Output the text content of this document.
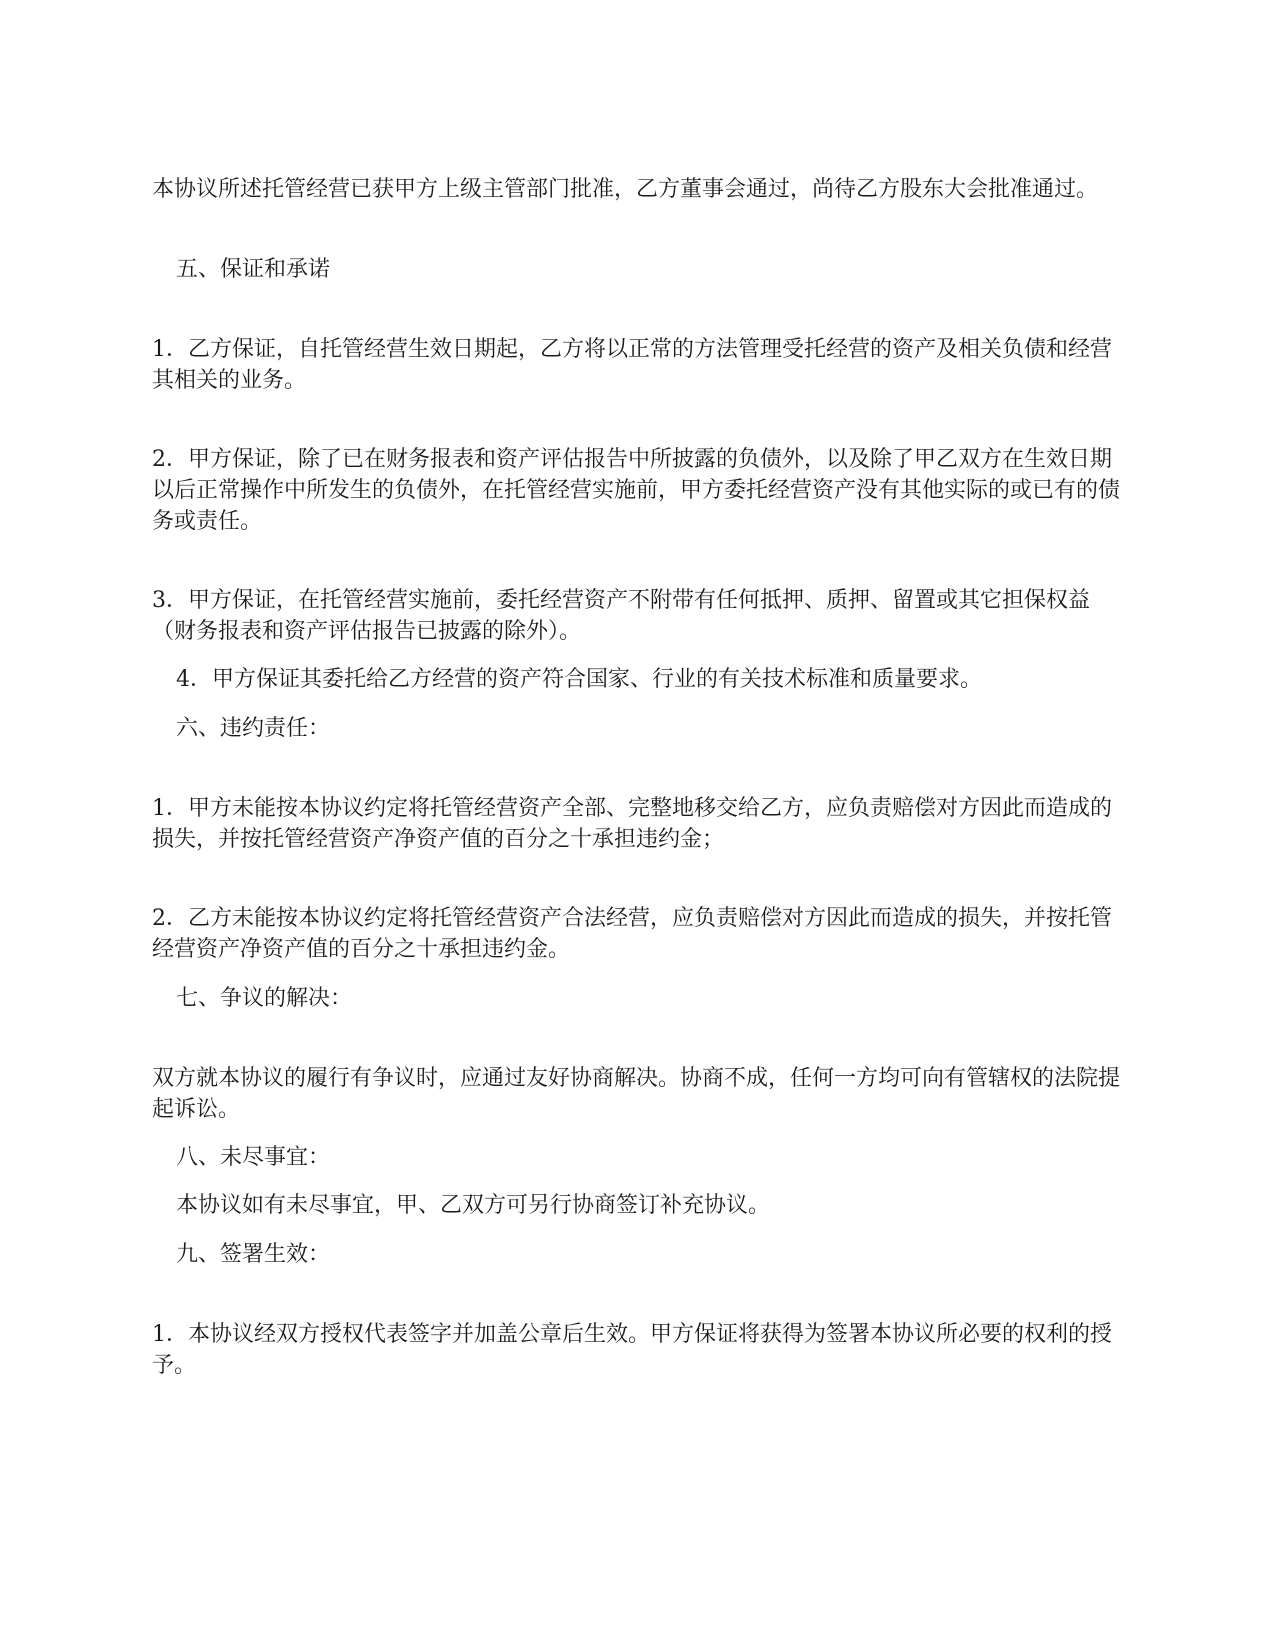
本协议所述托管经营已获甲方上级主管部门批准，乙方董事会通过，尚待乙方股东大会批准通过。

五、保证和承诺

1．乙方保证，自托管经营生效日期起，乙方将以正常的方法管理受托经营的资产及相关负债和经营其相关的业务。

2．甲方保证，除了已在财务报表和资产评估报告中所披露的负债外，以及除了甲乙双方在生效日期以后正常操作中所发生的负债外，在托管经营实施前，甲方委托经营资产没有其他实际的或已有的债务或责任。

3．甲方保证，在托管经营实施前，委托经营资产不附带有任何抵押、质押、留置或其它担保权益（财务报表和资产评估报告已披露的除外）。

4．甲方保证其委托给乙方经营的资产符合国家、行业的有关技术标准和质量要求。

六、违约责任：

1．甲方未能按本协议约定将托管经营资产全部、完整地移交给乙方，应负责赔偿对方因此而造成的损失，并按托管经营资产净资产值的百分之十承担违约金；

2．乙方未能按本协议约定将托管经营资产合法经营，应负责赔偿对方因此而造成的损失，并按托管经营资产净资产值的百分之十承担违约金。

七、争议的解决：

双方就本协议的履行有争议时，应通过友好协商解决。协商不成，任何一方均可向有管辖权的法院提起诉讼。

八、未尽事宜：

本协议如有未尽事宜，甲、乙双方可另行协商签订补充协议。

九、签署生效：

1．本协议经双方授权代表签字并加盖公章后生效。甲方保证将获得为签署本协议所必要的权利的授予。
